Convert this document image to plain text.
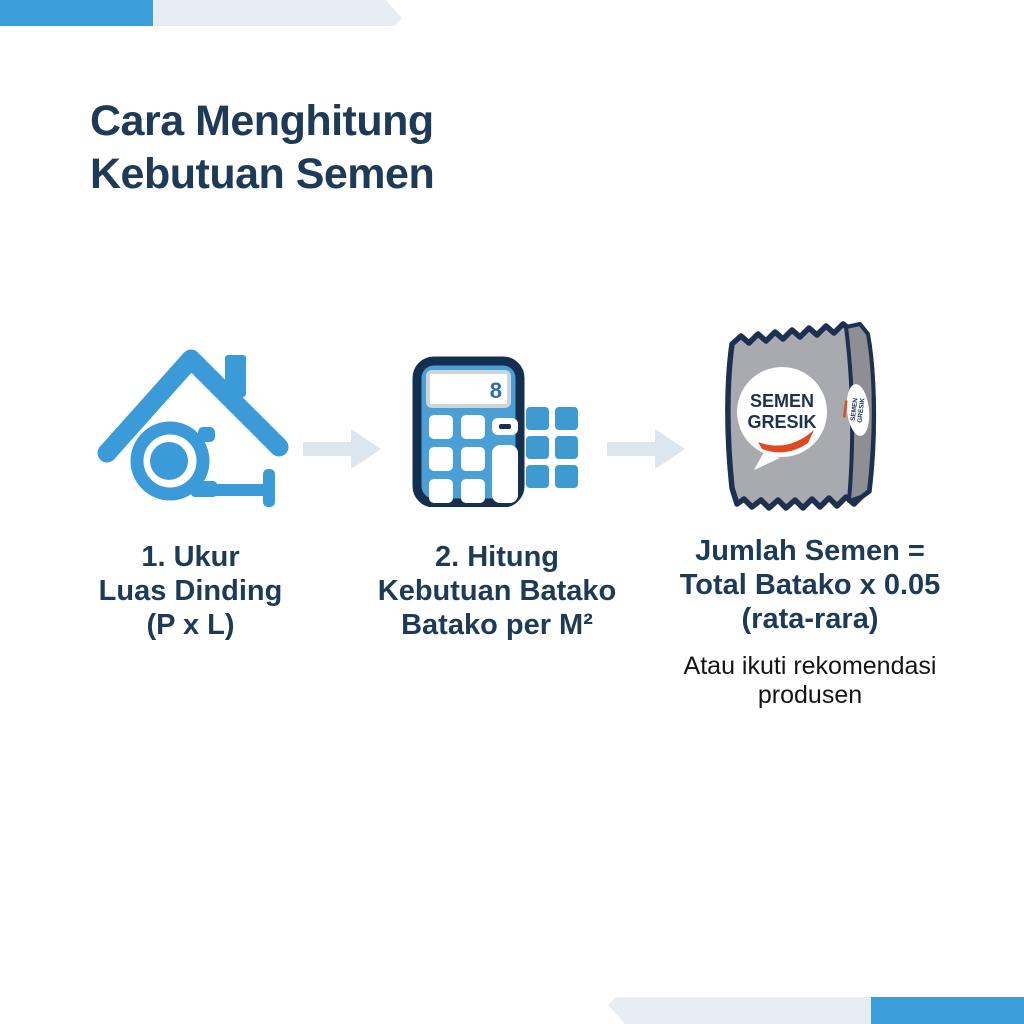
Cara Menghitung
Kebutuan Semen
8	SEMEN
GRESIK
SEMEN
GRESIK
1. Ukur
Luas Dinding
(P x L)
2. Hitung
Kebutuan Batako
Batako per M²
Jumlah Semen =
Total Batako x 0.05
(rata-rara)
Atau ikuti rekomendasi produsen
